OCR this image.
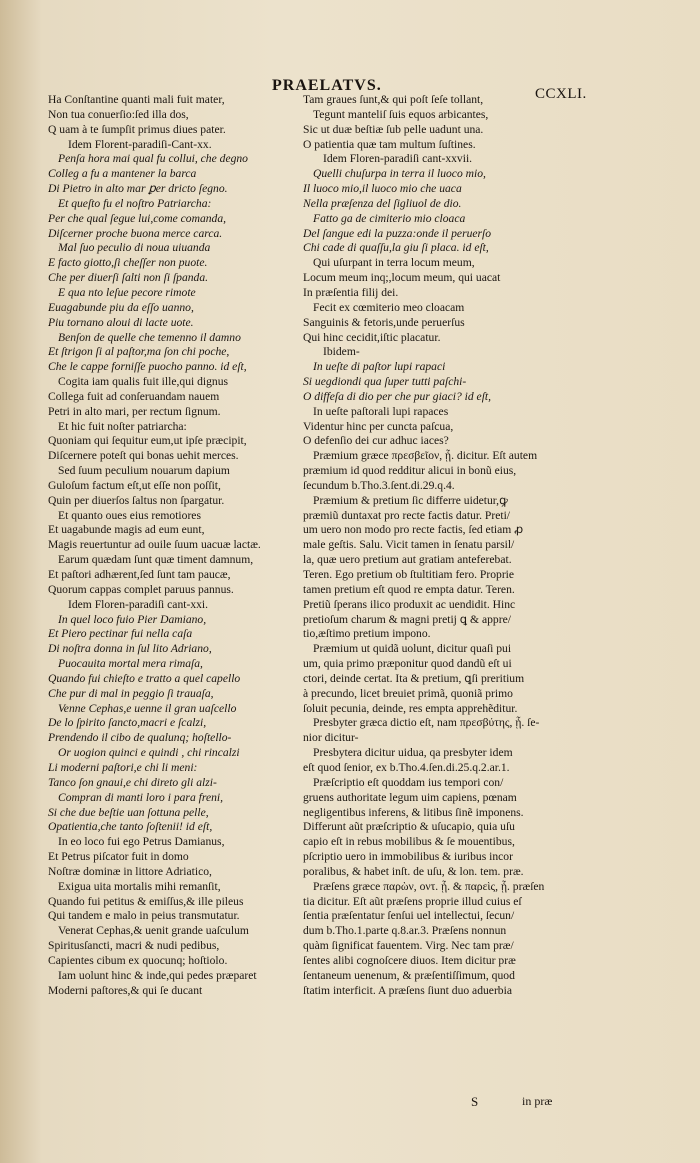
PRAELATVS.	CCXLI.
Ha Conſtantine quanti mali fuit mater,
Non tua conuerſio:ſed illa dos,
Q uam à te ſumpſit primus diues pater.
Idem Florent-paradiſi-Cant-xx.
Penſa hora mai qual fu collui, che degno
Colleg a fu a mantener la barca
Di Pietro in alto mar ꝑer dricto ſegno.
Et queſto fu el noſtro Patriarcha:
Per che qual ſegue lui,come comanda,
Diſcerner proche buona merce carca.
Mal ſuo peculio di noua uiuanda
E facto giotto,ſi cheſſer non puote.
Che per diuerſi ſalti non ſi ſpanda.
E qua nto leſue pecore rimote
Euagabunde piu da eſſo uanno,
Piu tornano aloui di lacte uote.
Benſon de quelle che temenno il damno
Et ſtrigon ſi al paſtor,ma ſon chi poche,
Che le cappe forniſſe puocho panno. id eſt,
Cogita iam qualis fuit ille,qui dignus
Collega fuit ad conſeruandam nauem
Petri in alto mari, per rectum ſignum.
Et hic fuit noſter patriarcha:
Quoniam qui ſequitur eum,ut ipſe præcipit,
Diſcernere poteſt qui bonas uehit merces.
Sed ſuum peculium nouarum dapium
Guloſum factum eſt,ut eſſe non poſſit,
Quin per diuerſos ſaltus non ſpargatur.
Et quanto oues eius remotiores
Et uagabunde magis ad eum eunt,
Magis reuertuntur ad ouile ſuum uacuæ lactæ.
Earum quædam ſunt quæ timent damnum,
Et paſtori adhærent,ſed ſunt tam paucæ,
Quorum cappas complet paruus pannus.
Idem Floren-paradiſi cant-xxi.
In quel loco fuio Pier Damiano,
Et Piero pectinar fui nella caſa
Di noſtra donna in ſul lito Adriano,
Puocauita mortal mera rimaſa,
Quando fui chieſto e tratto a quel capello
Che pur di mal in peggio ſi trauaſa,
Venne Cephas,e uenne il gran uaſcello
De lo ſpirito ſancto,macri e ſcalzi,
Prendendo il cibo de qualunq; hoſtello-
Or uogion quinci e quindi , chi rincalzi
Li moderni paſtori,e chi li meni:
Tanco ſon gnaui,e chi direto gli alzi-
Compran di manti loro i para freni,
Si che due beſtie uan ſottuna pelle,
Opatientia,che tanto ſoſtenii! id eſt,
In eo loco fui ego Petrus Damianus,
Et Petrus piſcator fuit in domo
Noſtræ dominæ in littore Adriatico,
Exigua uita mortalis mihi remanſit,
Quando fui petitus & emiſſus,& ille pileus
Qui tandem e malo in peius transmutatur.
Venerat Cephas,& uenit grande uaſculum
Spiritusſancti, macri & nudi pedibus,
Capientes cibum ex quocunq; hoſtiolo.
Iam uolunt hinc & inde,qui pedes præparet
Moderni paſtores,& qui ſe ducant
Tam graues ſunt,& qui poſt ſeſe tollant,
Tegunt manteliſ ſuis equos arbicantes,
Sic ut duæ beſtiæ ſub pelle uadunt una.
O patientia quæ tam multum ſuſtines.
Idem Floren-paradiſi cant-xxvii.
Quelli chuſurpa in terra il luoco mio,
Il luoco mio,il luoco mio che uaca
Nella præſenza del ſigliuol de dio.
Fatto ga de cimiterio mio cloaca
Del ſangue edi la puzza:onde il peruerſo
Chi cade di quaſſu,la giu ſi placa. id eſt,
Qui uſurpant in terra locum meum,
Locum meum inq;,locum meum, qui uacat
In præſentia filij dei.
Fecit ex cœmiterio meo cloacam
Sanguinis & fetoris,unde peruerſus
Qui hinc cecidit,iſtic placatur.
Ibidem-
In ueſte di paſtor lupi rapaci
Si uegdiondi qua ſuper tutti paſchi-
O diffeſa di dio per che pur giaci? id eſt,
In ueſte paſtorali lupi rapaces
Videntur hinc per cuncta paſcua,
O defenſio dei cur adhuc iaces?
Præmium græce πρεσβεῖον, ᾗ. dicitur. Eſt autem
præmium id quod redditur alicui in bonũ eius,
ſecundum b.Tho.3.ſent.di.29.q.4.
Præmium & pretium ſic differre uidetur,ꝙ
præmiũ duntaxat pro recte factis datur. Preti/
um uero non modo pro recte factis, ſed etiam ꝓ
male geſtis. Salu. Vicit tamen in ſenatu parsil/
la, quæ uero pretium aut gratiam anteferebat.
Teren. Ego pretium ob ſtultitiam fero. Proprie
tamen pretium eſt quod re empta datur. Teren.
Pretiũ ſperans ilico produxit ac uendidit. Hinc
pretioſum charum & magni pretij ꝗ & appre/
tio,æſtimo pretium impono.
Præmium ut quidã uolunt, dicitur quaſi pui
um, quia primo præponitur quod dandũ eſt ui
ctori, deinde certat. Ita & pretium, ꝗſi preritium
à precundo, licet breuiet primã, quoniã primo
ſoluit pecunia, deinde, res empta apprehẽditur.
Presbyter græca dictio eſt, nam πρεσβύτης, ᾗ. ſe-
nior dicitur-
Presbytera dicitur uidua, qa presbyter idem
eſt quod ſenior, ex b.Tho.4.ſen.di.25.q.2.ar.1.
Præſcriptio eſt quoddam ius tempori con/
gruens authoritate legum uim capiens, pœnam
negligentibus inferens, & litibus ſinẽ imponens.
Differunt aũt præſcriptio & uſucapio, quia uſu
capio eſt in rebus mobilibus & ſe mouentibus,
pſcriptio uero in immobilibus & iuribus incor
poralibus, & habet inſt. de uſu, & lon. tem. præ.
Præſens græce παρὼν, οντ. ᾗ. & παρεὶς, ᾗ. præſen
tia dicitur. Eſt aũt præſens proprie illud cuius eſ
ſentia præſentatur ſenſui uel intellectui, ſecun/
dum b.Tho.1.parte q.8.ar.3. Præſens nonnun
quàm ſignificat fauentem. Virg. Nec tam præ/
ſentes alibi cognoſcere diuos. Item dicitur præ
ſentaneum uenenum, & præſentiſſimum, quod
ſtatim interficit. A præſens ſiunt duo aduerbia
S	in præ
